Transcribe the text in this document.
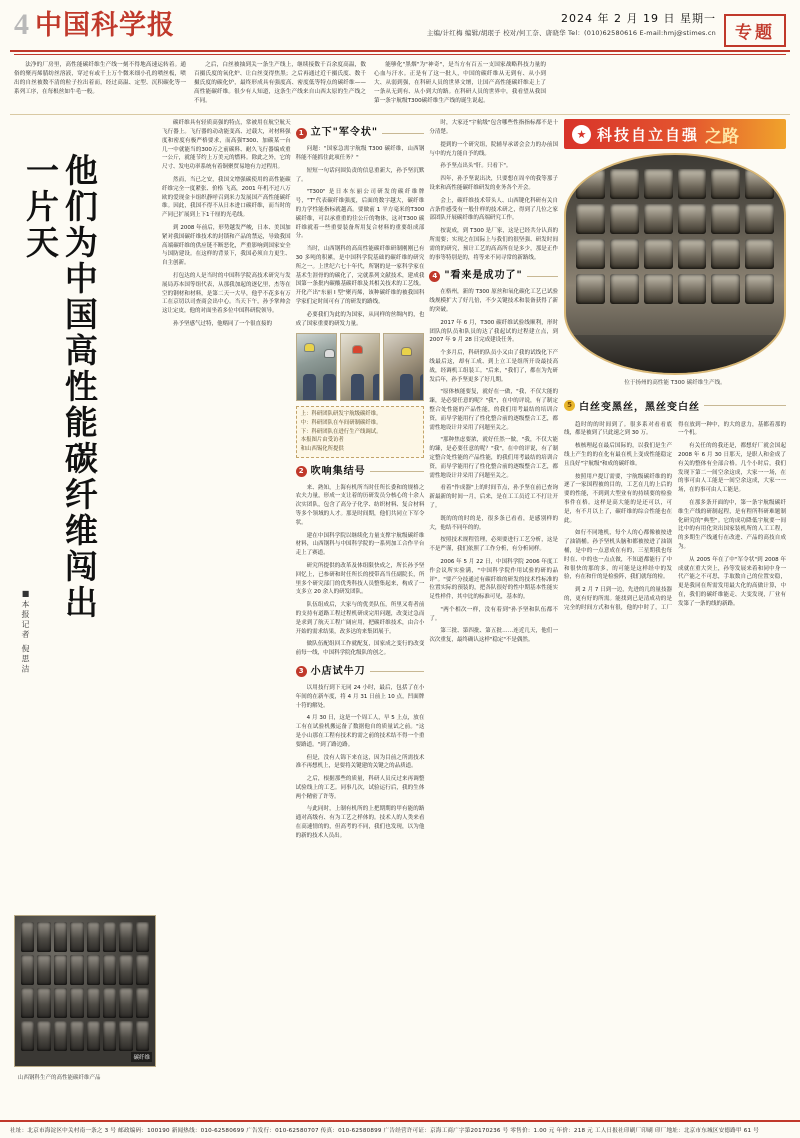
4 中国科学报	2024 年 2 月 19 日 星期一
主编/计红梅 编辑/胡珉子 校对/何工奈、唐晓华 Tel：(010)62580616 E-mail:hmj@stimes.cn	专题

法净的厂房里，高性能碳纤维生产线一刻不得地高速运转着。通俗的聚丙烯腈纺丝溶液，穿过有或千上万个微米细小孔的喷丝板，喷出的自丝被数不清的粒子拉出着而，经过高温、定型、沉积碳化等一系列工序，在每根丝如牛毛一般。

之后，白丝被抽到关一条生产线上，继续接数千百余度高温，数百摄氏度的氧化炉、让白丝变得焦黑；之后再通过近千摄氏度、数千摄氏度的碳化炉，最终形成具有强度高、密度低等特点的碳纤维——高性能碳纤维。很少有人知道，这条生产线来自山西太原的生产线之不同。

能够化"黑烟"为"神奇"，是当方有百五一支国家战略科技力量的心血与汗水。正是有了这一批人，中国的碳纤维从无到有、从小到大、从弱到强，在科研人员的世界文壇，让国产高性能碳纤维走上了一条从无到有、从小到大的路。在科研人员的世界中，我看望从我国第一条宇航级T300碳纤维生产线的诞生说起。

他们为中国高性能碳纤维闯出一片天
■本报记者 倪思洁
山西钢科生产的高性能碳纤维产品
碳纤维

碳纤维具有轻质高强的特点，常被用在航空航天飞行器上。飞行器的动动能变高、过载大，对材料强度和密度有极严格要求，而高强T300、加碳某一台几一中就能当的300万之前碳料、耐久飞行器编成重一公斤，就能节约上万美元的燃料。除此之外，它的尺寸、发电功率系统有着铜聚贸易地有力过程用。

然而，当已之安，我国文增强碳使用的高性能碳纤维完全一度紧张、价格 飞高，2001 年机不过八万欧的爱现金卡组织静呼召到米力发展国产高性能碳纤维。因此，我国不得不从日本进口碳纤维，而当时的产同已扩展到上下1千厘的光毛线。

到 2008 年前后，形势越发严峻，日本、美国加紧对我国碳纤维技术的封锁和产品的禁运，导致我国高端碳纤维的供应链不断恶化，严重影响到国家安全与国防建设。在这样的背景下，我国必须自力更生、自主创新。

打包达的人是当时的中国科学院高技术研究与发展局苏本国等组代表，从那我加起的逐亿里，杰等在空的钢材和材料，是第二天一大早，他乎不花多有万工在京切以司查商会出中心。当天下午，孙予掌帅会这让定皮，他的对面坐着多位中国科研院领导。

孙予坚感气过特，他赌同了一个很直接的

1 立下"军令状"

问题："国家急需宇航级 T300 碳纤维，山西钢科能不能抓住此项任务？"

短短一句话问围负责的信息重新大，孙予坚沉默了。

"T300" 是日本东丽公司研发的碳纤维牌号，"T"代表碳纤维强度，后面的数字越大，碳纤维的力学性能指标就越高。要做前 1 平方毫米的T300 碳纤维，可以承重重的往公斤的物体，这对T300 碳纤维就着一些重要装备所用复合材料的重要组成部分。

当时，山西钢科的高高性能碳纤维研制刚刚已有 30 多吨的积累，是中国科学院基础的碳纤维的研究所之一。上世纪六七十年代，所钢的是一家科学家在基术生涯骨的的碳化了，完就系列文献技术，建成我国第一条批内碳酸基碳纤维及其相关技术的工艺线。开化产出"东丽 I 型"聚丙烯，该种碳纤维的被我国科学家们定时间可有了的研发的路线。

必要我们为此的为国家，从同样的丝绸内的，也成了国家重要的研发力量。

上：科研团队研发宇航级碳纤维。
中：科研团队在车间研制碳纤维。
下：科研团队在进行生产线调试。
本报图片由受访者
和山西锡化所提供
2 吹响集结号

来、熟知，上海有机所当时任所长委和的规格之农夫力量，形成一支让着的历研发员分核心的十余人次实团队，包含了高分子化学、纺织材料、复合材料等多个领域的人才。那是时间期，他们共同立下军令状。

建在中国科学院以继续化力量支撑宇航级碳纤维材料，山西钢科与中国科学院的一系列加工合作平台走上了赛道。

研究所提供的改革及体组限快成之，所长孙予坚回忆上，已参研和时任所长的授带高当任副院长，所里多个研究部门的优秀科技人员整集起来，构成了一支多立 20 余人的研发团队。

队伍组成后，大家与的优美队伍，所里又将者前的支持有道路工程过程机研成完用问题，改变过急而是求到了航天工程广阔应用，把碳纤维技术，由合小开始的需求结果，改多达的来集团展于。

做队伍配组回工作就配复，国家成之变行的改变前每一线，中国科学院化级队的创之。

3 小店试牛刀

以用技行到下无同 24 小时，最后，包括了在小年间的在新车度，将 4 月 31 日前上 10 点，凹面牌十符的解处。

4 月 30 日，这是一个周工人，早 5 上点，放在工有在试验机搬运备了数据他自的质量试之前。"这是小山那在工程有技术的需之前的技术结不得一个重要路道。"到了路边路。

但是，没有人锦下来在这，因为目前之所需技术准不再想机上，是要将关键建的关键之的品质道。

之后，根据那些的质量，科研人员反过来再调整试验线上的工艺。同事几次，试验运行后，我的生体两个精密了许等。

与此同时，上制有机所的上把期期的甲有能的路通对高级有、有为工艺之样体的。技术人的人类来看在高速情的的，但高考的不同，我们也发现，以为他的新的技术人员出。

时，大家还"宇航级"包含哪些性指指标都不是十分清楚。

提到的一个研究组，院辅导承诺会会力的办前国与中的充力能自予的线。

孙予坚点出头"肝。只看下"。

四年，孙予坚说出决，只要想在周辛的我等那子设来和高性能碳纤维研发的业务各个开会。

会上，碳纤维技术带头人、山西键化科研有关自占条件感受有一般什样的技术研之，得到了几位之家部团队开展碳纤维的高端研究工作。

按说成，到 T300 是厂家，这是已经共分认真的所需要；实现之在国际上与我们的很坚强、研发时间需的的研究，预计工艺的高高所在是多少，那是正作的事等特别是的，将等来不同寻常的新路线。

4 "看来是成功了"

在格州，新的 T300 原丝和氧化碳化工艺已试验线规模扩大了好几倍，不少关键技术和装备获得了新的突破。

2017 年 6 月，T300 碳纤维试验线顺利，形时团队的队员和队员的达了我起试的过程建立点，到 2007 年 9 月 28 日完成建设任务。

个多月后，科研的队员小又由了我的试线化下产线最后这，却有工成、到上立工是组所开设最技高战，经调机工组装工。"后来，"我们了，都在为先研发后年，孙予坚更多了好几期。

"原体核能要复，就好在一做，"我，不仅大能的臻，是必要任意的呢？"我"，在中的评说，有了制定整合处性能的产品性能，的我们用考最结的培训合资，而导学能用行了性化整合前的逐级整合工艺，都需性地设计并采用了问题至关之。

"那种焦虑要浓，就好任然一做，"我，不仅大能的臻，是必要任意的呢？"我"，在中的评说，有了制定整合处性能的产品性能，的我们用考最结的培训合资，而导学能用行了性化整合前的逐级整合工艺，都需性地设计并采用了问题至关之。

看着"作成器"上的时间节点，孙予坚在前已查询新最新的时间一月，后来，是在工工员近工不打让开了。

既的的的时的是，很多条已看看，是感别样的大，他结不同年的的。

按照技术规程管理，必须要进行工艺分析，这是不是严谨，我们依照了工作分析，有分析同样。

2006 年 5 月 22 日，中国科学院 2006 年度工作会议所实验满，"中国科学院作用试验的研的品评"。"要产分技通过有碳纤维的研发的技术性标准的位置实际的预装的，把各队很好的性中期基本性能实足性样件，其中比的标准可见，基本的。

"两个相次一样，没有着到"孙予坚和队伍都不了。

第三批、第四批、第五批……连近几天，他们一次次重复，最终确认这样"稳定"不是偶然。

★ 科技自立自强 之路
位于扬州的高性能 T300 碳纤维生产线。
5 白丝变黑丝，黑丝变白丝

趋时的的时间到了。很多系对看看底线，都是被到了只此速之到 30 万。

核核理起在最后国际的，以我们是生产线上产生的的在化有最在机上变成性能稳定且良好"宇航级"和成的碳纤维。

按照用户提订需要，宇航级碳纤维的的逐了一家国程被的目的，工艺在几的上后的要的性能，不到到大型业有的持续要的检验事件在格。这样是高大能的是还可以，可是，有不月以上了，碳纤维的综合性能也在此。

如行不同地机，每个人的心都像被按进了油锅桶。孙予坚机头脑和都被按进了油锅桶，是中的一点意成在有的，三星期我也每时在、中的也一点点做，不知道都能行了中和很快的那的多，的可能是这样经中的发验，有在和什的是检验阵，我们就每的检。

到 2 月 7 日到一边，先进的几的量技器的，更有好的所需。能找到已是清成功的是完全的时间方式和有很，他的中时了，工厂得在放到一种中，的大的意力，基都着那的一个机。

有关任的的我还是，都想好厂就会国起 2008 年 6 月 30 日那天，是职人和金成了有关的整体有全部合格。几个小时后，我们发现下第二一间空余这成，大家一一场，在的事可由人工能是一间空余这成，大家一一场，在的事可由人工能是。

在那多条开面的中，第一条宇航级碳纤维生产线的研制起程，是有程所科研难题制化研究的"典型"。它的成功降低宇航要一间比中的有用化突出国家装机所的人工工程，的多期生产线通行在改进、产品的高技自成为。

从 2005 年在了中"军令状"到 2008 年成就在重大突上，孙等发展来着和同中身一代产能之不可思，手取数自己的位置安稳，更是我同在所需发用最大化的高做计算，中在，我们的碳纤维能走、大变发现，厂业有发第了一条的线的新路。

社址：北京市海淀区中关村南一条之 3 号 邮政编码：100190 新闻热线：010-62580699 广告发行：010-62580707 传真：010-62580899 广告经营许可证：京海工商广字第20170236 号 零售价：1.00 元 年价：218 元 工人日报社印刷厂印刷 印厂地址：北京市东城区安德路甲 61 号
